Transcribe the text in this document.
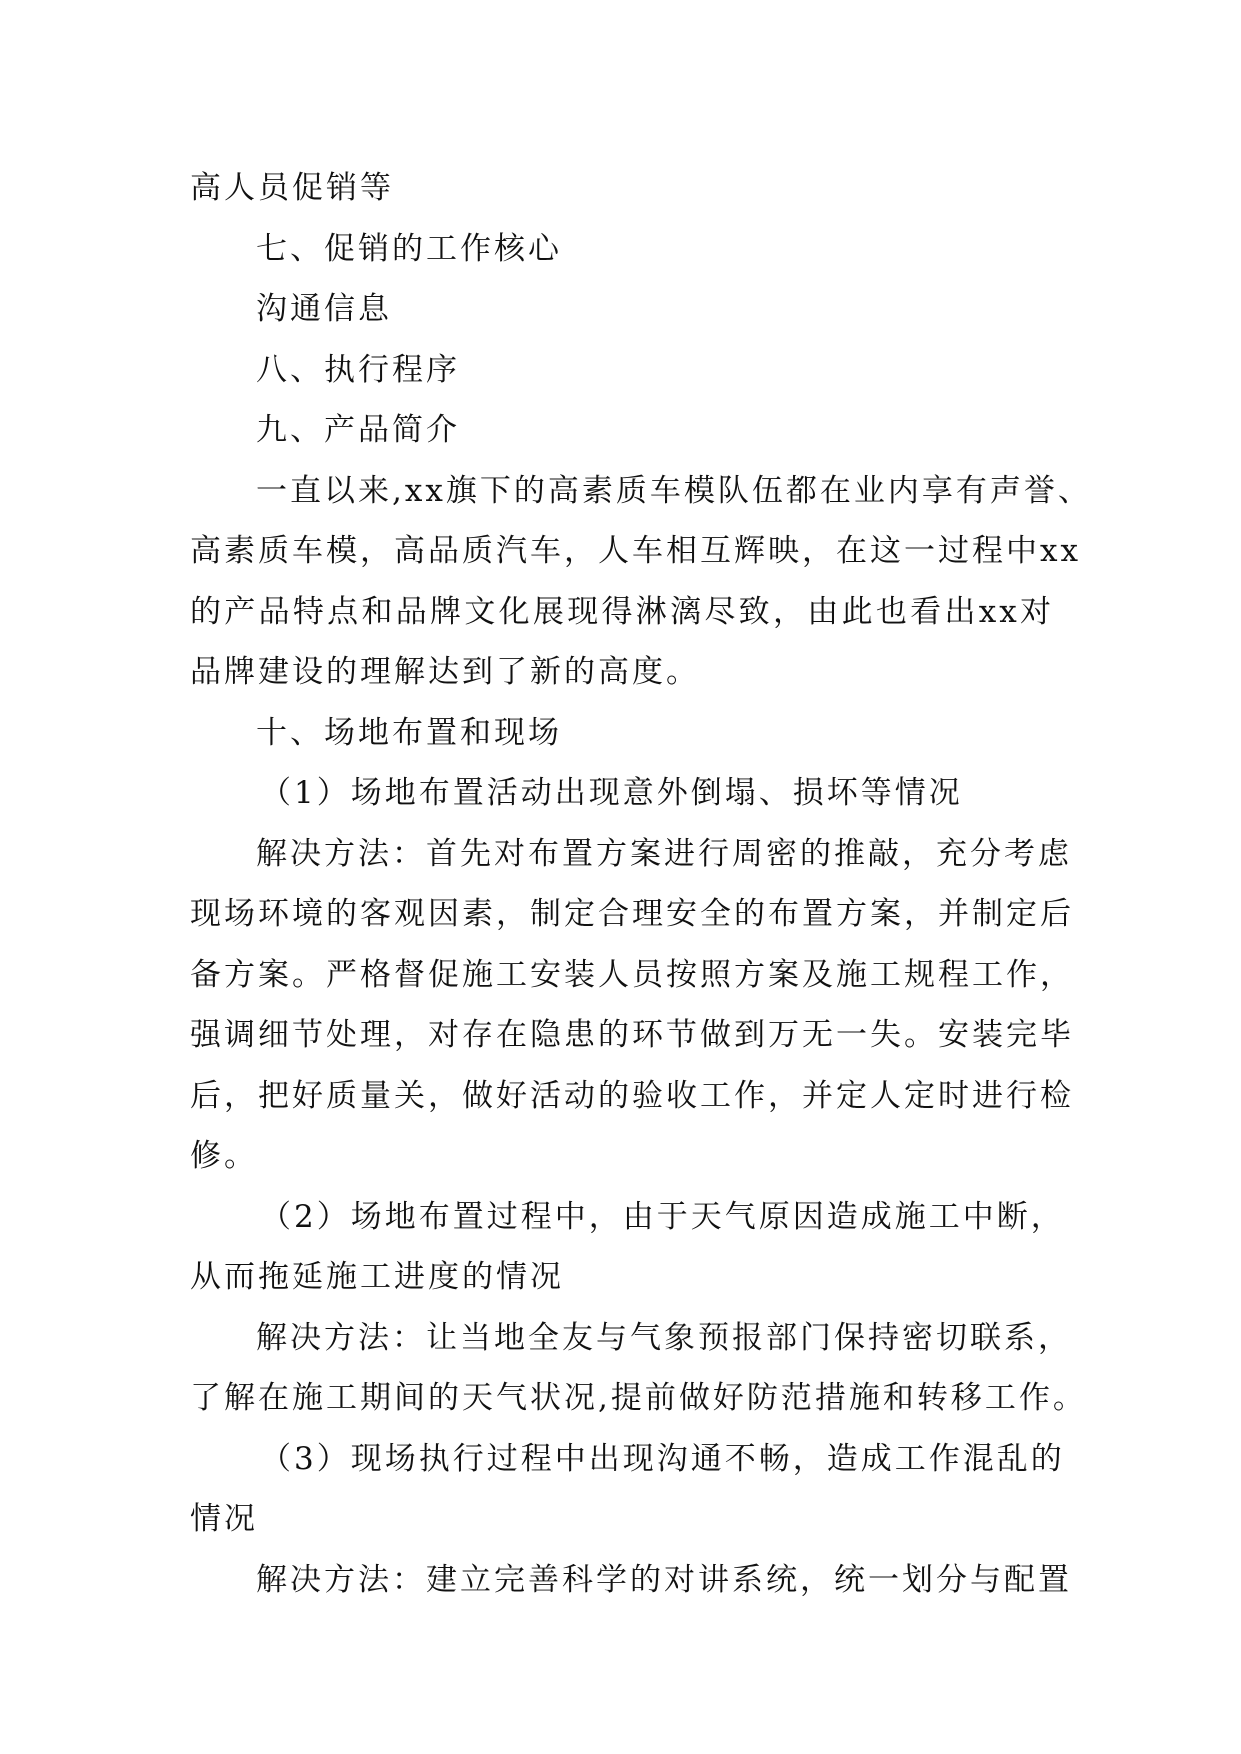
高人员促销等
七、促销的工作核心
沟通信息
八、执行程序
九、产品简介
一直以来,xx旗下的高素质车模队伍都在业内享有声誉、
高素质车模，高品质汽车，人车相互辉映，在这一过程中xx
的产品特点和品牌文化展现得淋漓尽致，由此也看出xx对
品牌建设的理解达到了新的高度。
十、场地布置和现场
（1）场地布置活动出现意外倒塌、损坏等情况
解决方法：首先对布置方案进行周密的推敲，充分考虑
现场环境的客观因素，制定合理安全的布置方案，并制定后
备方案。严格督促施工安装人员按照方案及施工规程工作，
强调细节处理，对存在隐患的环节做到万无一失。安装完毕
后，把好质量关，做好活动的验收工作，并定人定时进行检
修。
（2）场地布置过程中，由于天气原因造成施工中断，
从而拖延施工进度的情况
解决方法：让当地全友与气象预报部门保持密切联系，
了解在施工期间的天气状况,提前做好防范措施和转移工作。
（3）现场执行过程中出现沟通不畅，造成工作混乱的
情况
解决方法：建立完善科学的对讲系统，统一划分与配置
